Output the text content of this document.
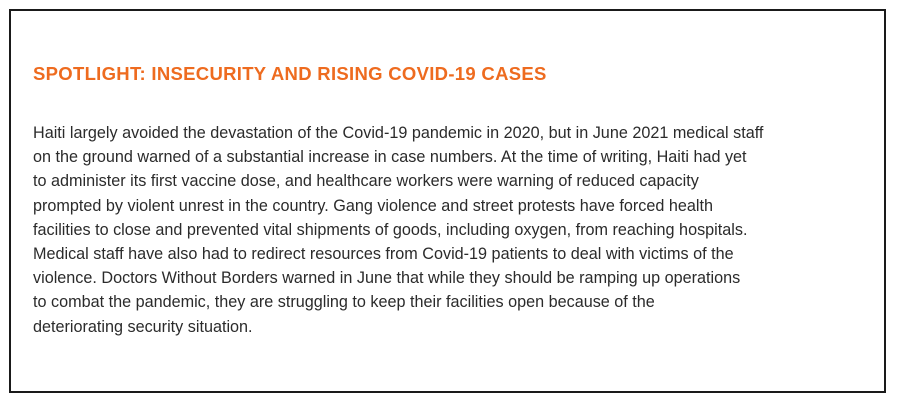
SPOTLIGHT: INSECURITY AND RISING COVID-19 CASES

Haiti largely avoided the devastation of the Covid-19 pandemic in 2020, but in June 2021 medical staff
on the ground warned of a substantial increase in case numbers. At the time of writing, Haiti had yet
to administer its first vaccine dose, and healthcare workers were warning of reduced capacity
prompted by violent unrest in the country. Gang violence and street protests have forced health
facilities to close and prevented vital shipments of goods, including oxygen, from reaching hospitals.
Medical staff have also had to redirect resources from Covid-19 patients to deal with victims of the
violence. Doctors Without Borders warned in June that while they should be ramping up operations
to combat the pandemic, they are struggling to keep their facilities open because of the
deteriorating security situation.
